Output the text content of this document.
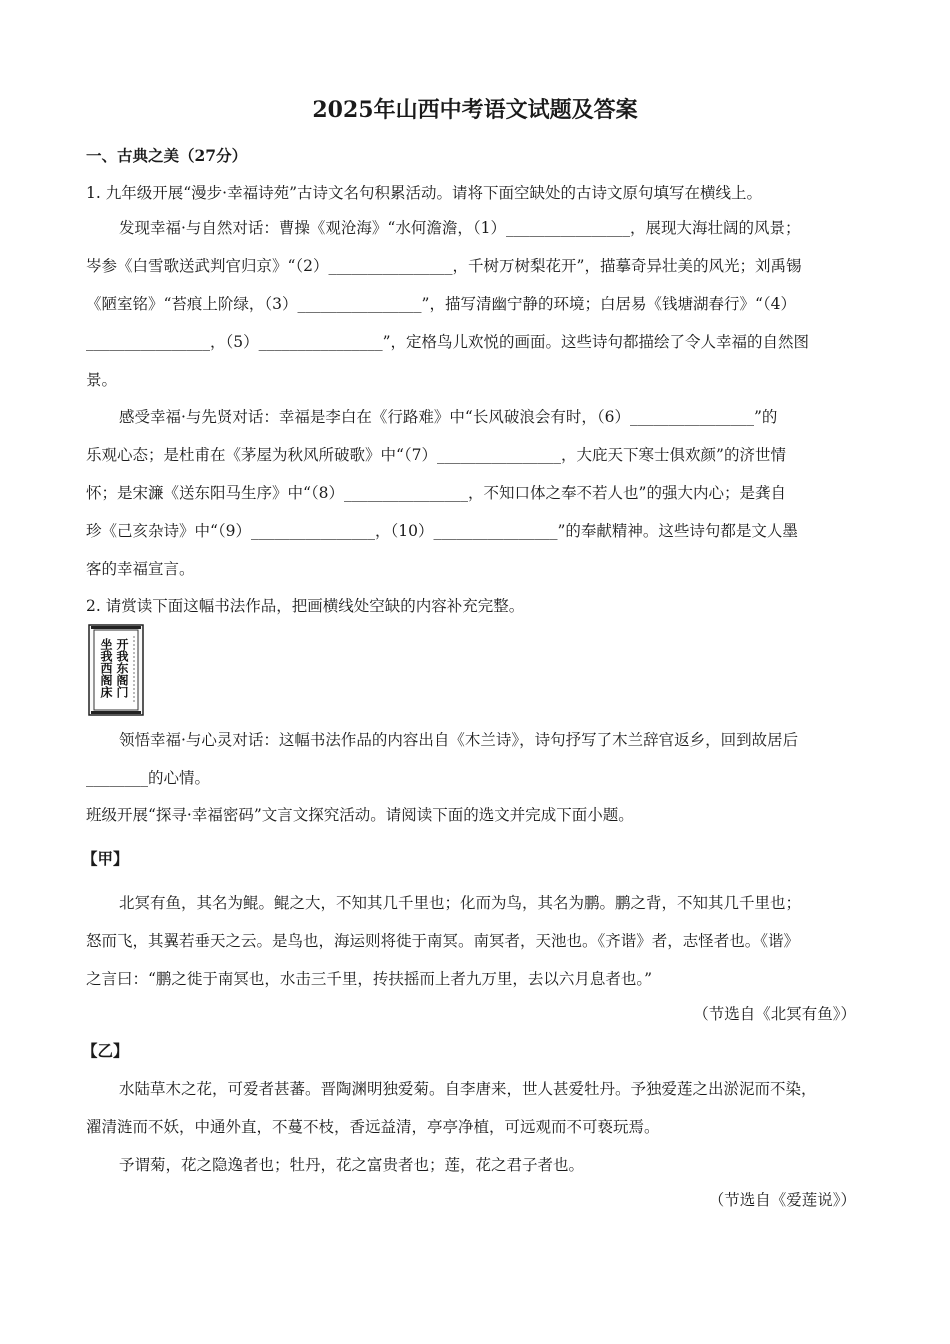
2025年山西中考语文试题及答案
一、古典之美（27分）
1. 九年级开展“漫步·幸福诗苑”古诗文名句积累活动。请将下面空缺处的古诗文原句填写在横线上。
发现幸福·与自然对话：曹操《观沧海》“水何澹澹，（1）________________，展现大海壮阔的风景；
岑参《白雪歌送武判官归京》“（2）________________，千树万树梨花开”，描摹奇异壮美的风光；刘禹锡
《陋室铭》“苔痕上阶绿，（3）________________”，描写清幽宁静的环境；白居易《钱塘湖春行》“（4）
________________，（5）________________”，定格鸟儿欢悦的画面。这些诗句都描绘了令人幸福的自然图
景。
感受幸福·与先贤对话：幸福是李白在《行路难》中“长风破浪会有时，（6）________________”的
乐观心态；是杜甫在《茅屋为秋风所破歌》中“（7）________________，大庇天下寒士俱欢颜”的济世情
怀；是宋濂《送东阳马生序》中“（8）________________，不知口体之奉不若人也”的强大内心；是龚自
珍《己亥杂诗》中“（9）________________，（10）________________”的奉献精神。这些诗句都是文人墨
客的幸福宣言。
2. 请赏读下面这幅书法作品，把画横线处空缺的内容补充完整。
开我东阁门
坐我西阁床
领悟幸福·与心灵对话：这幅书法作品的内容出自《木兰诗》，诗句抒写了木兰辞官返乡，回到故居后
________的心情。
班级开展“探寻·幸福密码”文言文探究活动。请阅读下面的选文并完成下面小题。
【甲】
北冥有鱼，其名为鲲。鲲之大，不知其几千里也；化而为鸟，其名为鹏。鹏之背，不知其几千里也；
怒而飞，其翼若垂天之云。是鸟也，海运则将徙于南冥。南冥者，天池也。《齐谐》者，志怪者也。《谐》
之言曰：“鹏之徙于南冥也，水击三千里，抟扶摇而上者九万里，去以六月息者也。”
（节选自《北冥有鱼》）
【乙】
水陆草木之花，可爱者甚蕃。晋陶渊明独爱菊。自李唐来，世人甚爱牡丹。予独爱莲之出淤泥而不染，
濯清涟而不妖，中通外直，不蔓不枝，香远益清，亭亭净植，可远观而不可亵玩焉。
予谓菊，花之隐逸者也；牡丹，花之富贵者也；莲，花之君子者也。
（节选自《爱莲说》）
